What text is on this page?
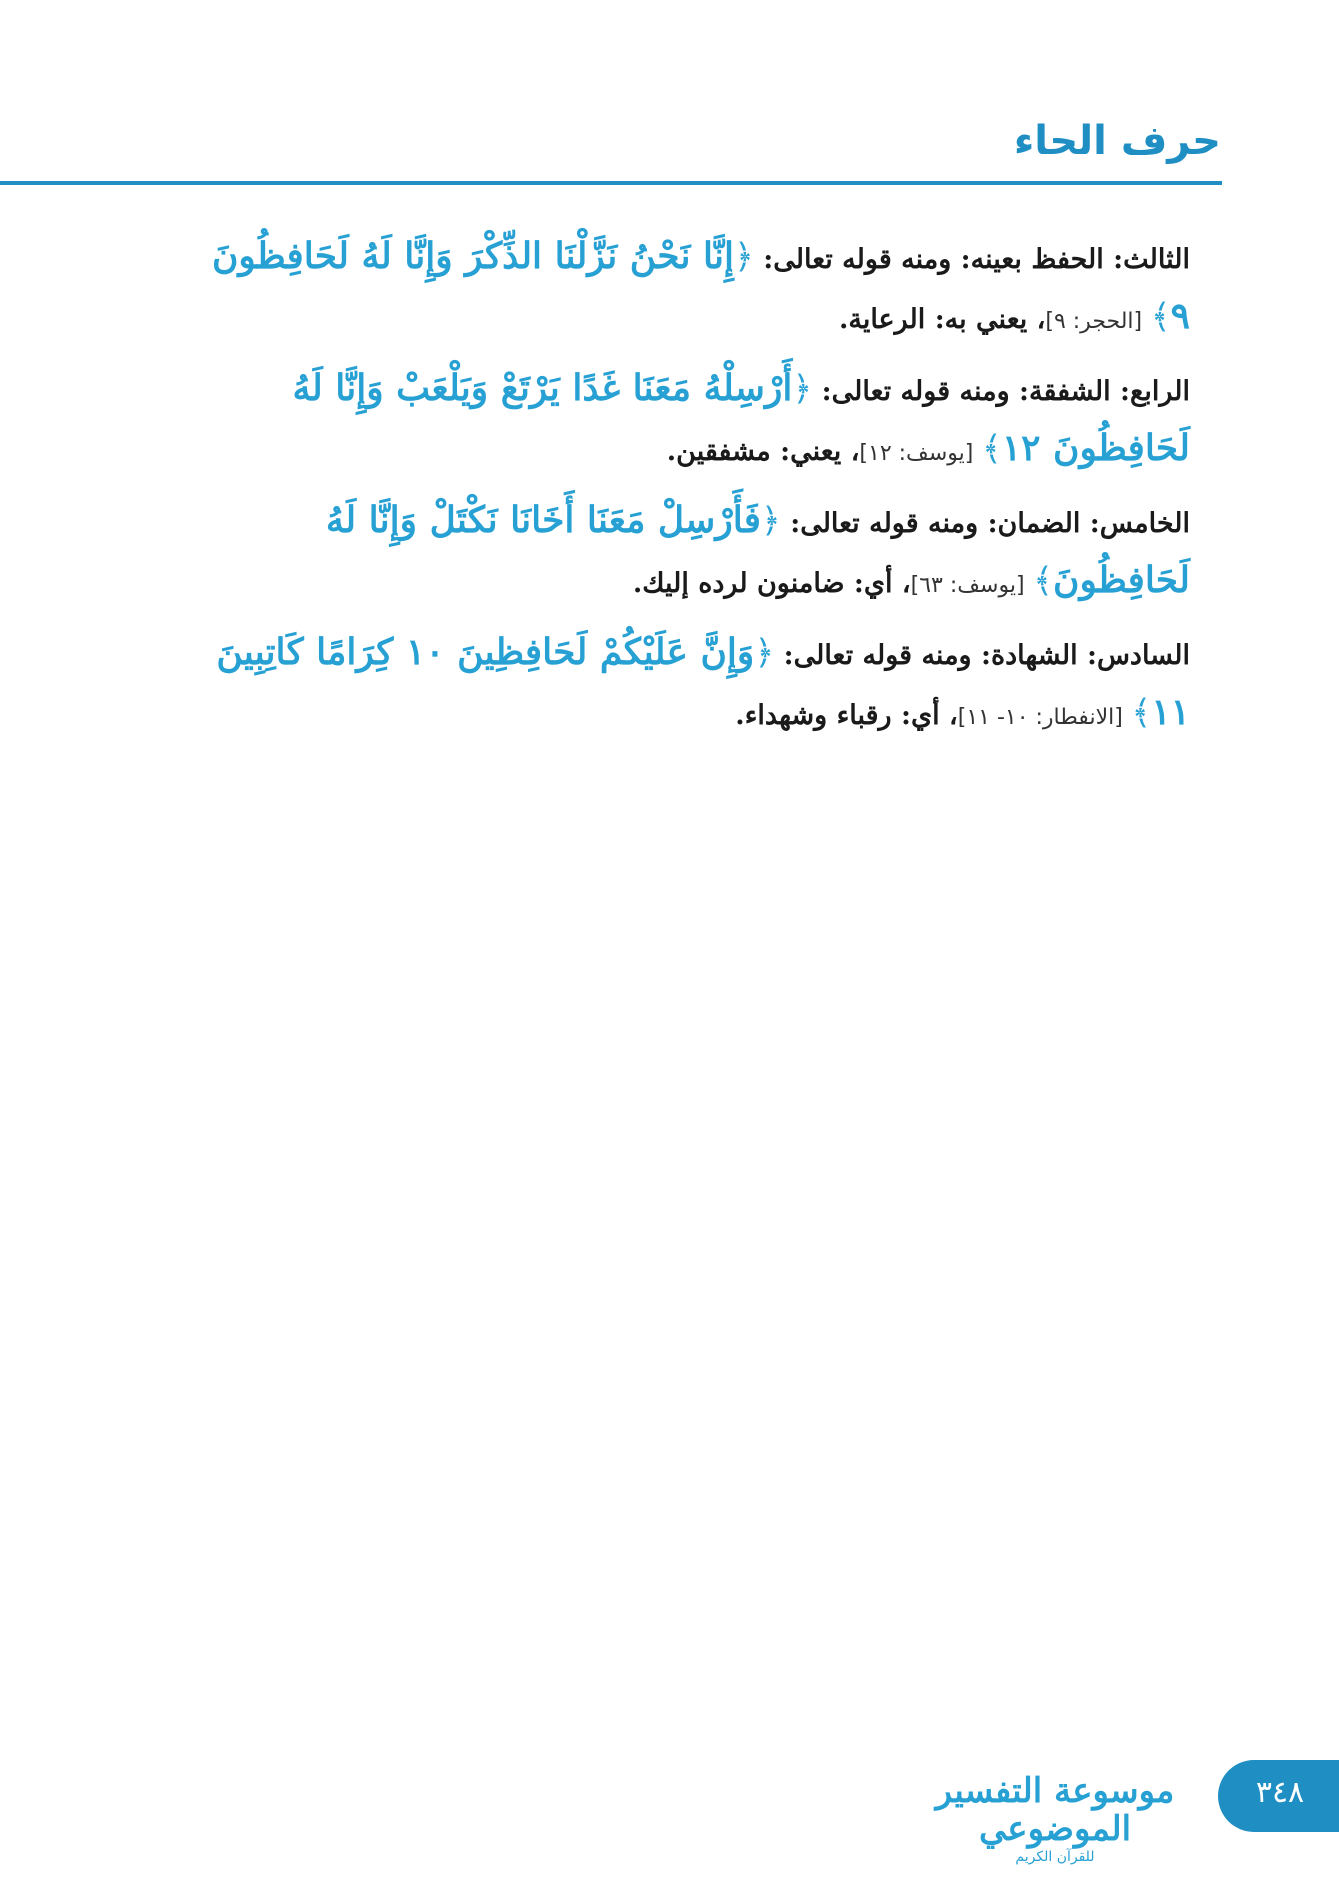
حرف الحاء

الثالث: الحفظ بعينه: ومنه قوله تعالى: ﴿إِنَّا نَحْنُ نَزَّلْنَا الذِّكْرَ وَإِنَّا لَهُ لَحَافِظُونَ ٩﴾ [الحجر: ٩]، يعني به: الرعاية.

الرابع: الشفقة: ومنه قوله تعالى: ﴿أَرْسِلْهُ مَعَنَا غَدًا يَرْتَعْ وَيَلْعَبْ وَإِنَّا لَهُ لَحَافِظُونَ ١٢﴾ [يوسف: ١٢]، يعني: مشفقين.

الخامس: الضمان: ومنه قوله تعالى: ﴿فَأَرْسِلْ مَعَنَا أَخَانَا نَكْتَلْ وَإِنَّا لَهُ لَحَافِظُونَ﴾ [يوسف: ٦٣]، أي: ضامنون لرده إليك.

السادس: الشهادة: ومنه قوله تعالى: ﴿وَإِنَّ عَلَيْكُمْ لَحَافِظِينَ ١٠ كِرَامًا كَاتِبِينَ ١١﴾ [الانفطار: ١٠- ١١]، أي: رقباء وشهداء.

موسوعة التفسير الموضوعي
للقرآن الكريم
٣٤٨
